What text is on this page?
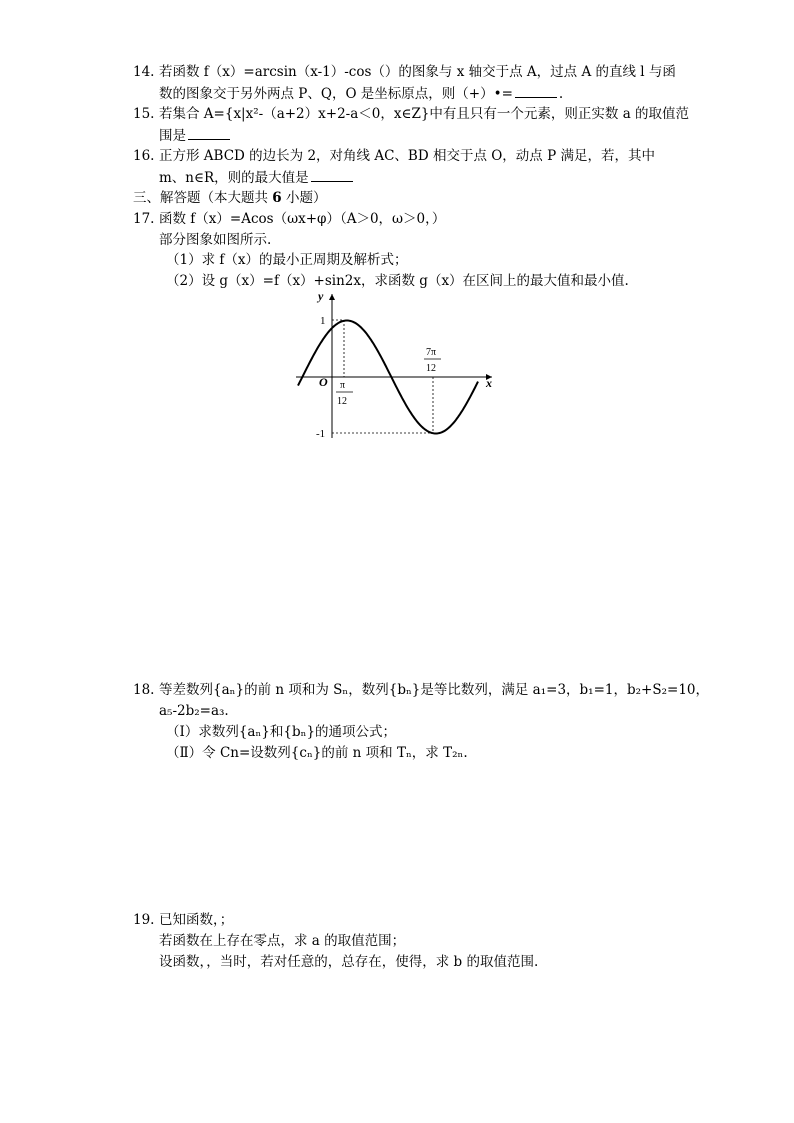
14. 若函数 f（x）=arcsin（x-1）-cos（）的图象与 x 轴交于点 A，过点 A 的直线 l 与函
数的图象交于另外两点 P、Q，O 是坐标原点，则（+）•=	.
15. 若集合 A={x|x²-（a+2）x+2-a＜0，x∈Z}中有且只有一个元素，则正实数 a 的取值范
围是
16. 正方形 ABCD 的边长为 2，对角线 AC、BD 相交于点 O，动点 P 满足，若，其中
m、n∈R，则的最大值是
三、解答题（本大题共 6 小题）
17. 函数 f（x）=Acos（ωx+φ）（A＞0，ω＞0，）
部分图象如图所示.
（1）求 f（x）的最小正周期及解析式；
（2）设 g（x）=f（x）+sin2x，求函数 g（x）在区间上的最大值和最小值.
y
x
O
1
-1
π
12
7π
12
18. 等差数列{aₙ}的前 n 项和为 Sₙ，数列{bₙ}是等比数列，满足 a₁=3，b₁=1，b₂+S₂=10，
a₅-2b₂=a₃.
（Ⅰ）求数列{aₙ}和{bₙ}的通项公式；
（Ⅱ）令 Cn=设数列{cₙ}的前 n 项和 Tₙ，求 T₂ₙ.
19. 已知函数，；
若函数在上存在零点，求 a 的取值范围；
设函数，，当时，若对任意的，总存在，使得，求 b 的取值范围.
